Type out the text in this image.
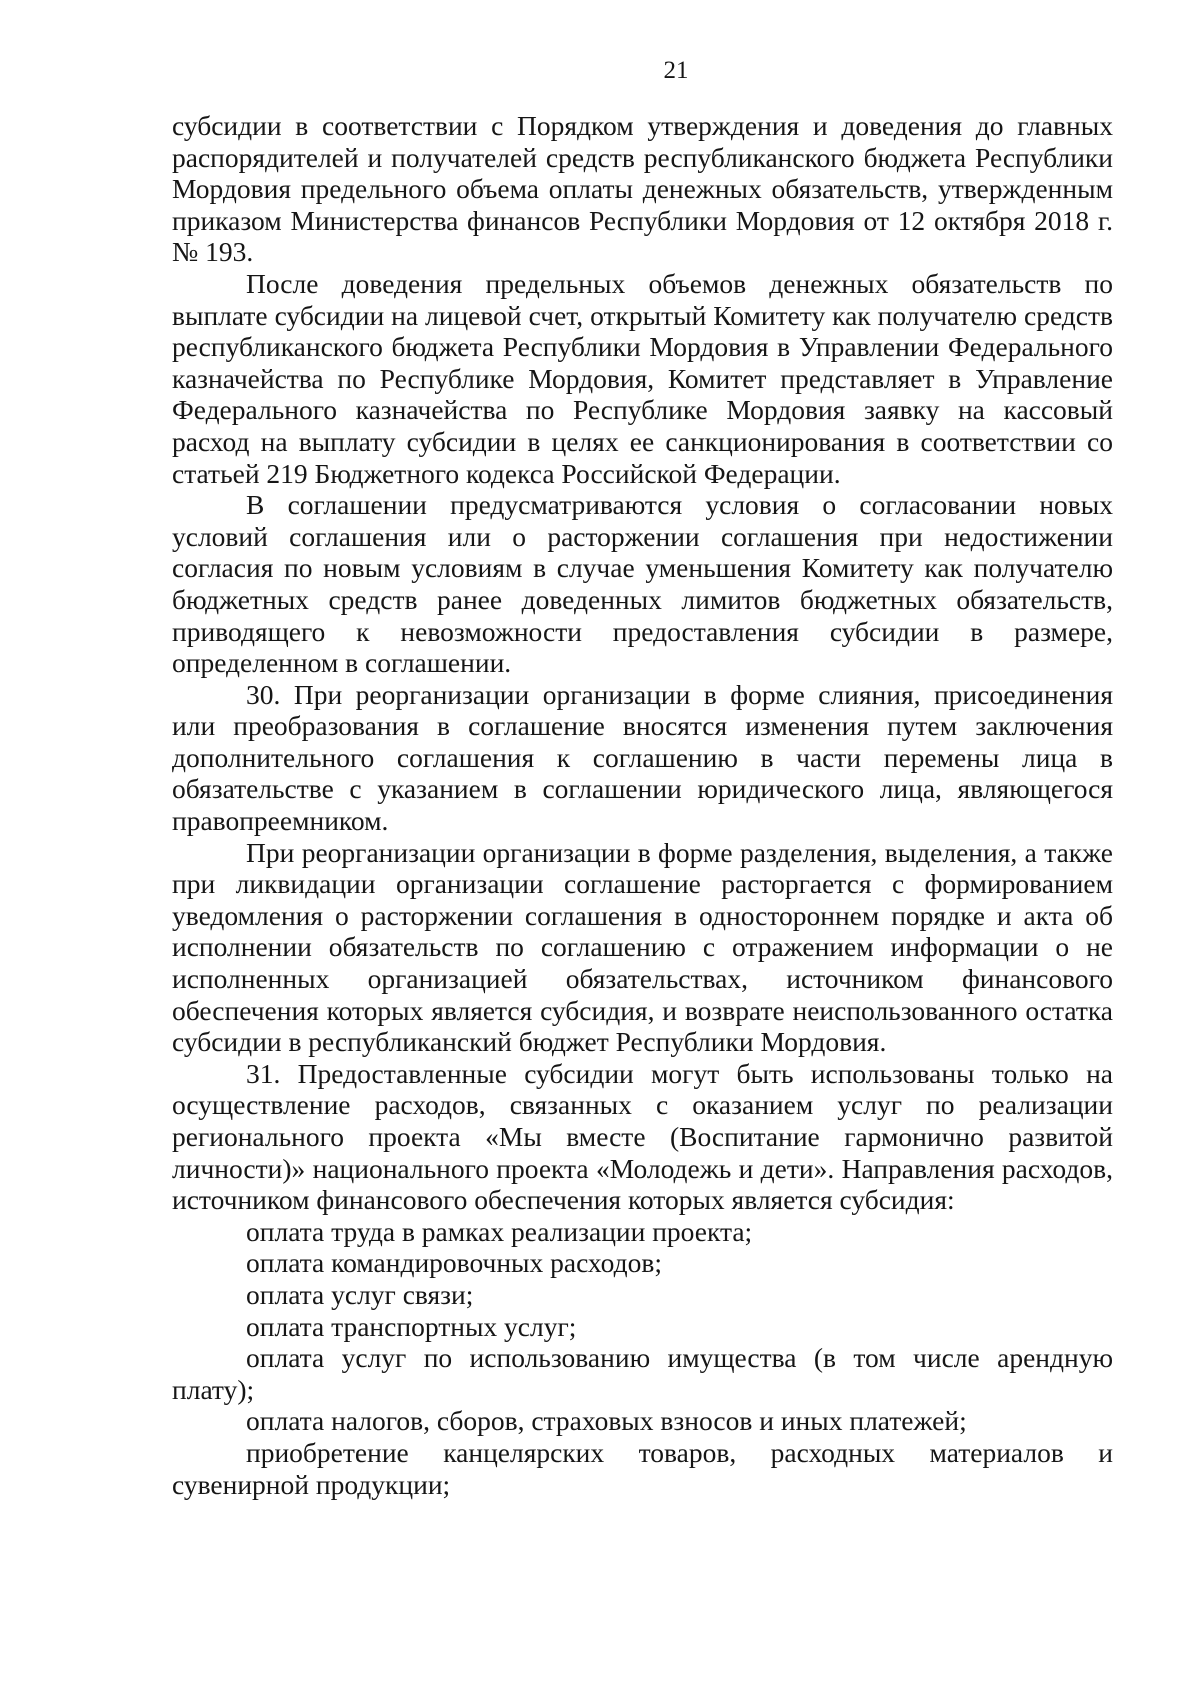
21

субсидии в соответствии с Порядком утверждения и доведения до главных распорядителей и получателей средств республиканского бюджета Республики Мордовия предельного объема оплаты денежных обязательств, утвержденным приказом Министерства финансов Республики Мордовия от 12 октября 2018 г. № 193.

После доведения предельных объемов денежных обязательств по выплате субсидии на лицевой счет, открытый Комитету как получателю средств республиканского бюджета Республики Мордовия в Управлении Федерального казначейства по Республике Мордовия, Комитет представляет в Управление Федерального казначейства по Республике Мордовия заявку на кассовый расход на выплату субсидии в целях ее санкционирования в соответствии со статьей 219 Бюджетного кодекса Российской Федерации.

В соглашении предусматриваются условия о согласовании новых условий соглашения или о расторжении соглашения при недостижении согласия по новым условиям в случае уменьшения Комитету как получателю бюджетных средств ранее доведенных лимитов бюджетных обязательств, приводящего к невозможности предоставления субсидии в размере, определенном в соглашении.

30. При реорганизации организации в форме слияния, присоединения или преобразования в соглашение вносятся изменения путем заключения дополнительного соглашения к соглашению в части перемены лица в обязательстве с указанием в соглашении юридического лица, являющегося правопреемником.

При реорганизации организации в форме разделения, выделения, а также при ликвидации организации соглашение расторгается с формированием уведомления о расторжении соглашения в одностороннем порядке и акта об исполнении обязательств по соглашению с отражением информации о не исполненных организацией обязательствах, источником финансового обеспечения которых является субсидия, и возврате неиспользованного остатка субсидии в республиканский бюджет Республики Мордовия.

31. Предоставленные субсидии могут быть использованы только на осуществление расходов, связанных с оказанием услуг по реализации регионального проекта «Мы вместе (Воспитание гармонично развитой личности)» национального проекта «Молодежь и дети». Направления расходов, источником финансового обеспечения которых является субсидия:

оплата труда в рамках реализации проекта;

оплата командировочных расходов;

оплата услуг связи;

оплата транспортных услуг;

оплата услуг по использованию имущества (в том числе арендную плату);

оплата налогов, сборов, страховых взносов и иных платежей;

приобретение канцелярских товаров, расходных материалов и сувенирной продукции;
